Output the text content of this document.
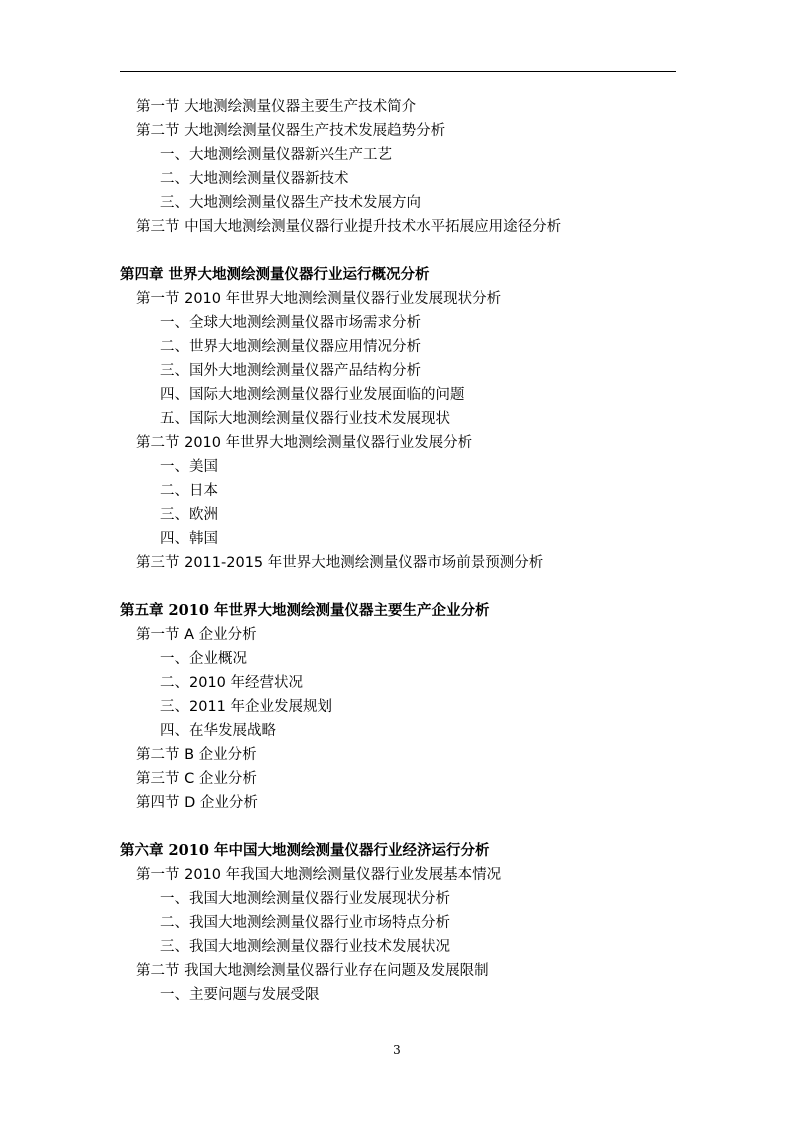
第一节 大地测绘测量仪器主要生产技术简介
第二节 大地测绘测量仪器生产技术发展趋势分析
一、大地测绘测量仪器新兴生产工艺
二、大地测绘测量仪器新技术
三、大地测绘测量仪器生产技术发展方向
第三节 中国大地测绘测量仪器行业提升技术水平拓展应用途径分析
第四章 世界大地测绘测量仪器行业运行概况分析
第一节 2010 年世界大地测绘测量仪器行业发展现状分析
一、全球大地测绘测量仪器市场需求分析
二、世界大地测绘测量仪器应用情况分析
三、国外大地测绘测量仪器产品结构分析
四、国际大地测绘测量仪器行业发展面临的问题
五、国际大地测绘测量仪器行业技术发展现状
第二节 2010 年世界大地测绘测量仪器行业发展分析
一、美国
二、日本
三、欧洲
四、韩国
第三节 2011-2015 年世界大地测绘测量仪器市场前景预测分析
第五章 2010 年世界大地测绘测量仪器主要生产企业分析
第一节 A 企业分析
一、企业概况
二、2010 年经营状况
三、2011 年企业发展规划
四、在华发展战略
第二节 B 企业分析
第三节 C 企业分析
第四节 D 企业分析
第六章 2010 年中国大地测绘测量仪器行业经济运行分析
第一节 2010 年我国大地测绘测量仪器行业发展基本情况
一、我国大地测绘测量仪器行业发展现状分析
二、我国大地测绘测量仪器行业市场特点分析
三、我国大地测绘测量仪器行业技术发展状况
第二节 我国大地测绘测量仪器行业存在问题及发展限制
一、主要问题与发展受限
3
